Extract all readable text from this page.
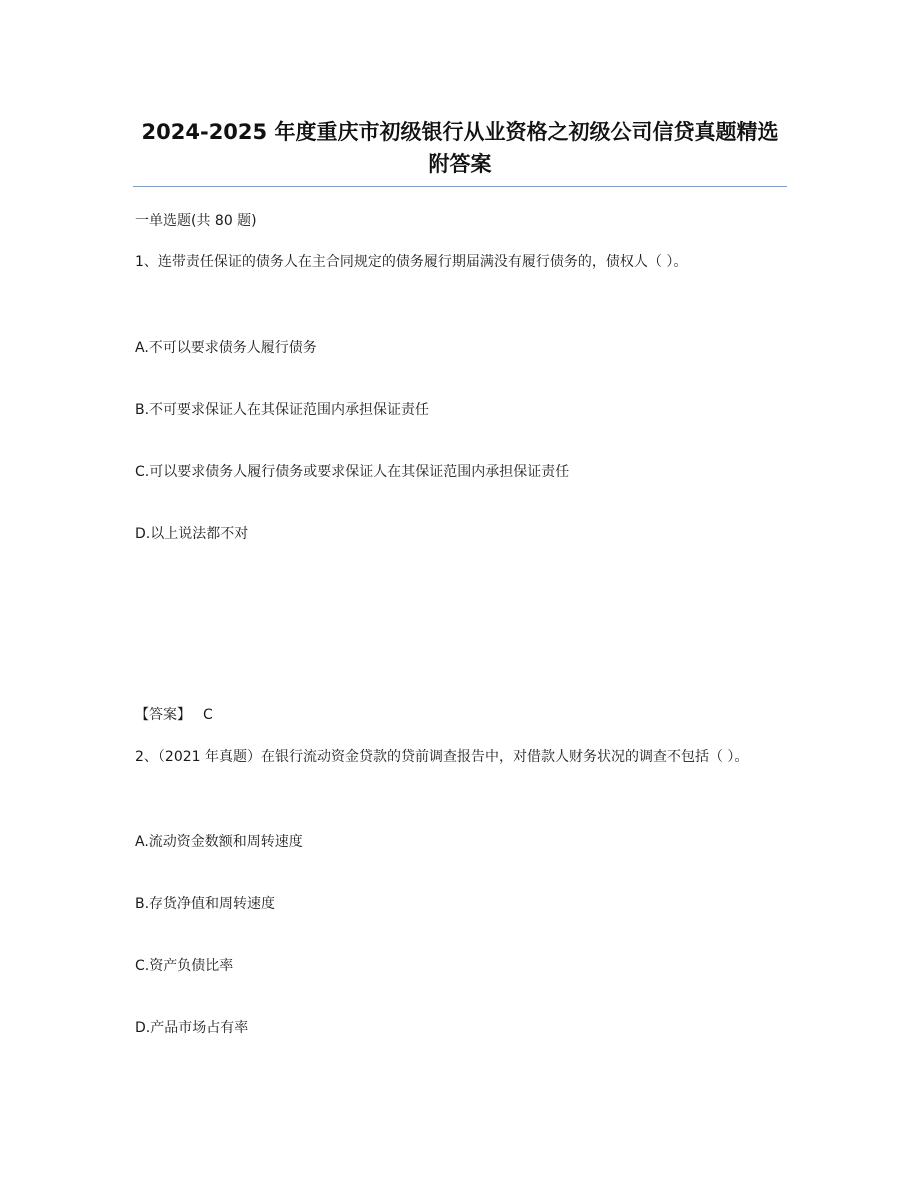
2024-2025 年度重庆市初级银行从业资格之初级公司信贷真题精选附答案
一单选题(共 80 题)
1、连带责任保证的债务人在主合同规定的债务履行期届满没有履行债务的，债权人（ ）。
A.不可以要求债务人履行债务
B.不可要求保证人在其保证范围内承担保证责任
C.可以要求债务人履行债务或要求保证人在其保证范围内承担保证责任
D.以上说法都不对
【答案】 C
2、（2021 年真题）在银行流动资金贷款的贷前调查报告中，对借款人财务状况的调查不包括（ ）。
A.流动资金数额和周转速度
B.存货净值和周转速度
C.资产负债比率
D.产品市场占有率
